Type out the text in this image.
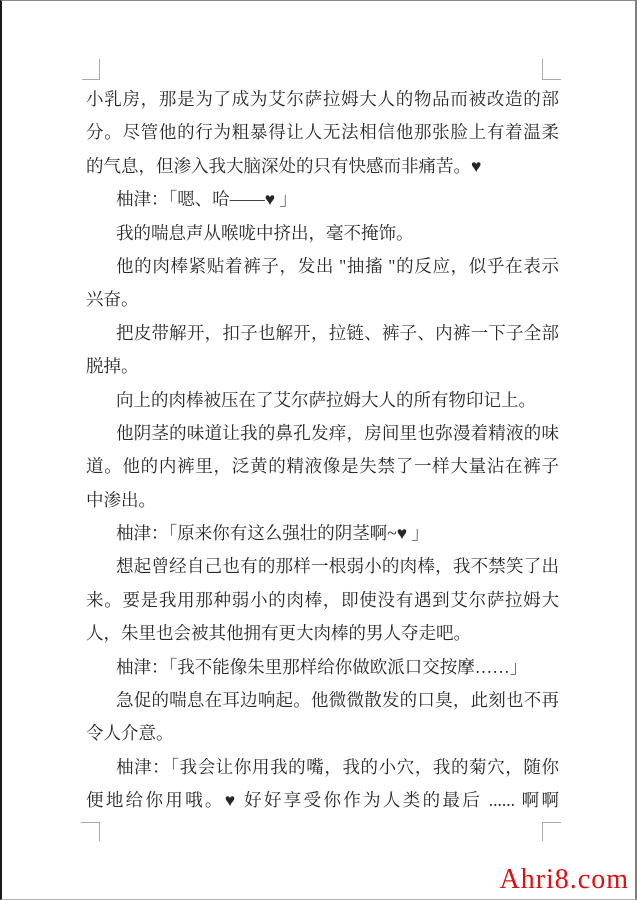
小乳房，那是为了成为艾尔萨拉姆大人的物品而被改造的部
分。尽管他的行为粗暴得让人无法相信他那张脸上有着温柔
的气息，但渗入我大脑深处的只有快感而非痛苦。♥
柚津：「嗯、哈——♥ 」
我的喘息声从喉咙中挤出，毫不掩饰。
他的肉棒紧贴着裤子，发出 "抽搐 "的反应，似乎在表示
兴奋。
把皮带解开，扣子也解开，拉链、裤子、内裤一下子全部
脱掉。
向上的肉棒被压在了艾尔萨拉姆大人的所有物印记上。
他阴茎的味道让我的鼻孔发痒，房间里也弥漫着精液的味
道。他的内裤里，泛黄的精液像是失禁了一样大量沾在裤子
中渗出。
柚津：「原来你有这么强壮的阴茎啊~♥ 」
想起曾经自己也有的那样一根弱小的肉棒，我不禁笑了出
来。要是我用那种弱小的肉棒，即使没有遇到艾尔萨拉姆大
人，朱里也会被其他拥有更大肉棒的男人夺走吧。
柚津：「我不能像朱里那样给你做欧派口交按摩……」
急促的喘息在耳边响起。他微微散发的口臭，此刻也不再
令人介意。
柚津：「我会让你用我的嘴，我的小穴，我的菊穴，随你
便地给你用哦。♥ 好好享受你作为人类的最后 ...... 啊啊
Ahri8.com
